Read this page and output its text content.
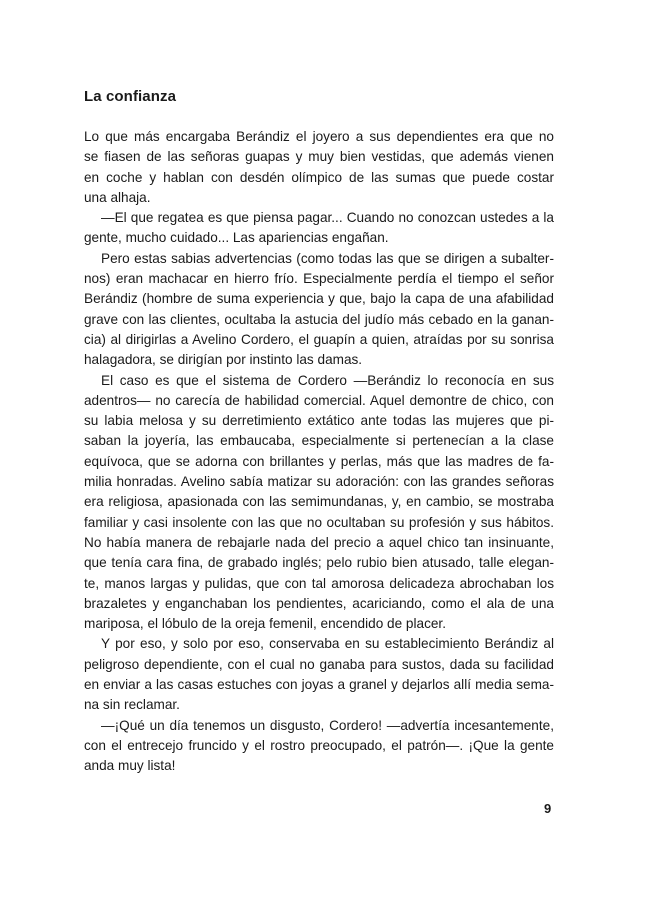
La confianza
Lo que más encargaba Berándiz el joyero a sus dependientes era que no
se fiasen de las señoras guapas y muy bien vestidas, que además vienen
en coche y hablan con desdén olímpico de las sumas que puede costar
una alhaja.
—El que regatea es que piensa pagar... Cuando no conozcan ustedes a la
gente, mucho cuidado... Las apariencias engañan.
Pero estas sabias advertencias (como todas las que se dirigen a subalter-
nos) eran machacar en hierro frío. Especialmente perdía el tiempo el señor
Berándiz (hombre de suma experiencia y que, bajo la capa de una afabilidad
grave con las clientes, ocultaba la astucia del judío más cebado en la ganan-
cia) al dirigirlas a Avelino Cordero, el guapín a quien, atraídas por su sonrisa
halagadora, se dirigían por instinto las damas.
El caso es que el sistema de Cordero —Berándiz lo reconocía en sus
adentros— no carecía de habilidad comercial. Aquel demontre de chico, con
su labia melosa y su derretimiento extático ante todas las mujeres que pi-
saban la joyería, las embaucaba, especialmente si pertenecían a la clase
equívoca, que se adorna con brillantes y perlas, más que las madres de fa-
milia honradas. Avelino sabía matizar su adoración: con las grandes señoras
era religiosa, apasionada con las semimundanas, y, en cambio, se mostraba
familiar y casi insolente con las que no ocultaban su profesión y sus hábitos.
No había manera de rebajarle nada del precio a aquel chico tan insinuante,
que tenía cara fina, de grabado inglés; pelo rubio bien atusado, talle elegan-
te, manos largas y pulidas, que con tal amorosa delicadeza abrochaban los
brazaletes y enganchaban los pendientes, acariciando, como el ala de una
mariposa, el lóbulo de la oreja femenil, encendido de placer.
Y por eso, y solo por eso, conservaba en su establecimiento Berándiz al
peligroso dependiente, con el cual no ganaba para sustos, dada su facilidad
en enviar a las casas estuches con joyas a granel y dejarlos allí media sema-
na sin reclamar.
—¡Qué un día tenemos un disgusto, Cordero! —advertía incesantemente,
con el entrecejo fruncido y el rostro preocupado, el patrón—. ¡Que la gente
anda muy lista!
9
